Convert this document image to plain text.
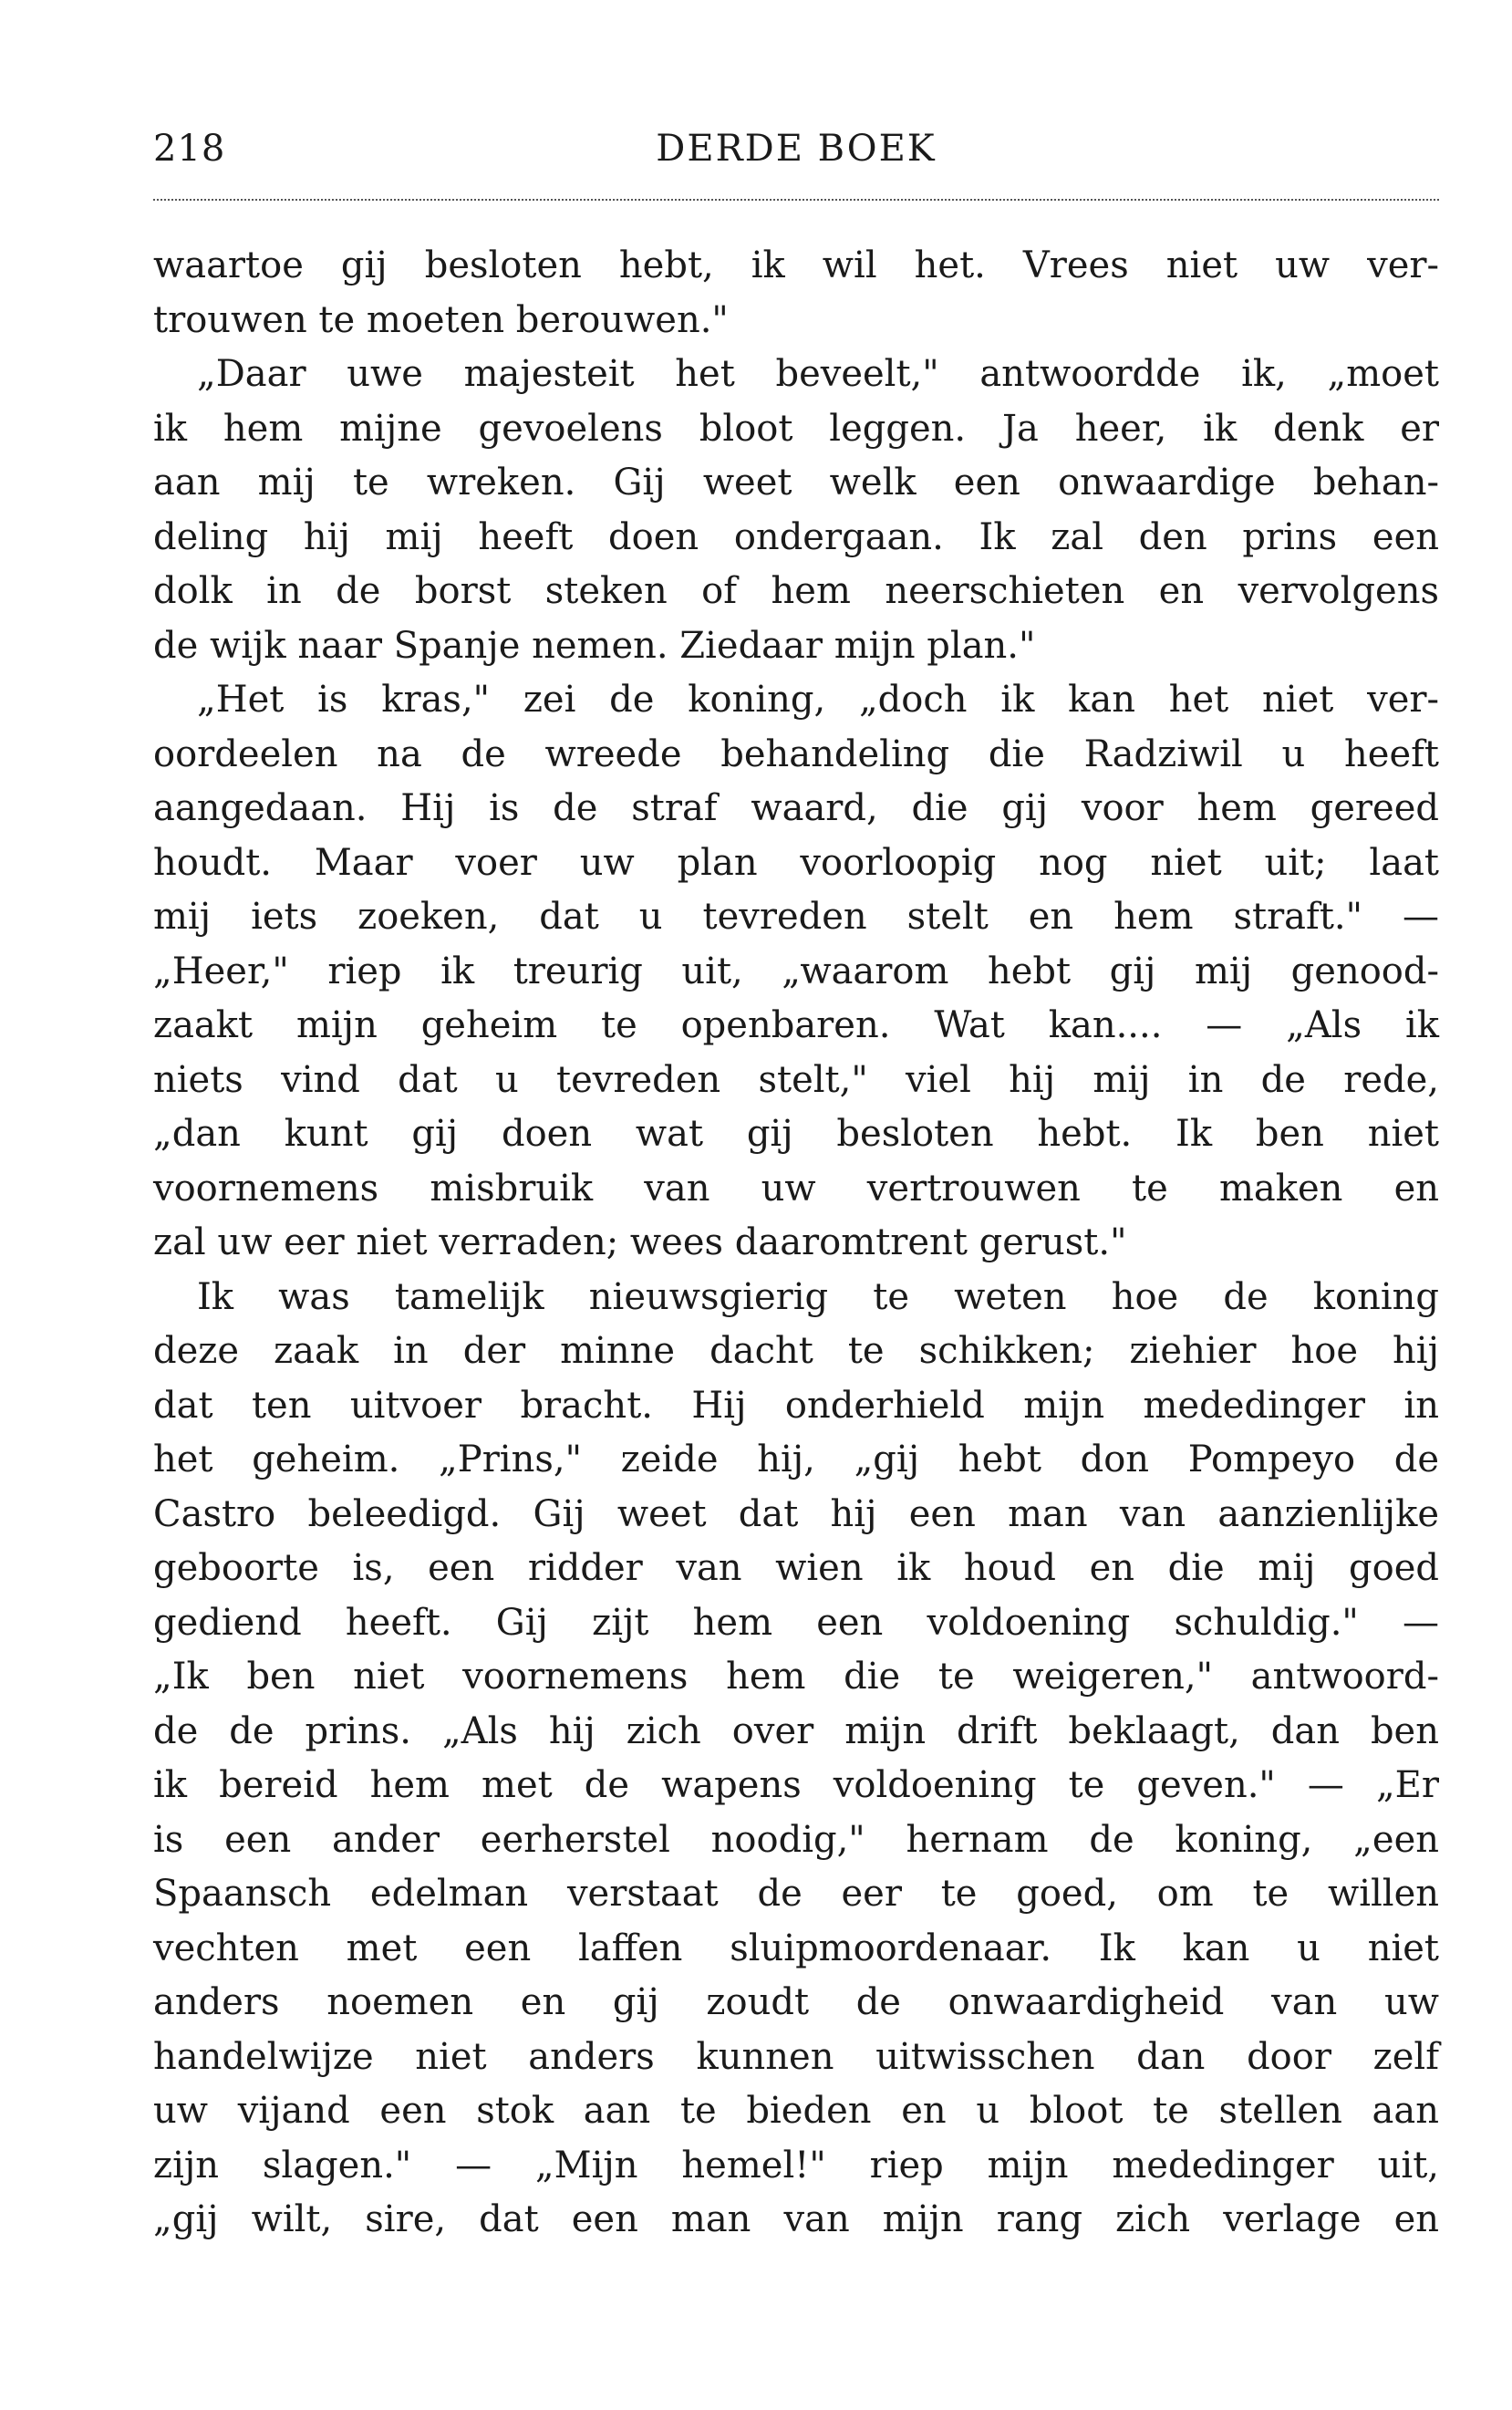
218	DERDE BOEK
waartoe gij besloten hebt, ik wil het. Vrees niet uw ver-
trouwen te moeten berouwen."
„Daar uwe majesteit het beveelt," antwoordde ik, „moet
ik hem mijne gevoelens bloot leggen. Ja heer, ik denk er
aan mij te wreken. Gij weet welk een onwaardige behan-
deling hij mij heeft doen ondergaan. Ik zal den prins een
dolk in de borst steken of hem neerschieten en vervolgens
de wijk naar Spanje nemen. Ziedaar mijn plan."
„Het is kras," zei de koning, „doch ik kan het niet ver-
oordeelen na de wreede behandeling die Radziwil u heeft
aangedaan. Hij is de straf waard, die gij voor hem gereed
houdt. Maar voer uw plan voorloopig nog niet uit; laat
mij iets zoeken, dat u tevreden stelt en hem straft." —
„Heer," riep ik treurig uit, „waarom hebt gij mij genood-
zaakt mijn geheim te openbaren. Wat kan.... — „Als ik
niets vind dat u tevreden stelt," viel hij mij in de rede,
„dan kunt gij doen wat gij besloten hebt. Ik ben niet
voornemens misbruik van uw vertrouwen te maken en
zal uw eer niet verraden; wees daaromtrent gerust."
Ik was tamelijk nieuwsgierig te weten hoe de koning
deze zaak in der minne dacht te schikken; ziehier hoe hij
dat ten uitvoer bracht. Hij onderhield mijn mededinger in
het geheim. „Prins," zeide hij, „gij hebt don Pompeyo de
Castro beleedigd. Gij weet dat hij een man van aanzienlijke
geboorte is, een ridder van wien ik houd en die mij goed
gediend heeft. Gij zijt hem een voldoening schuldig." —
„Ik ben niet voornemens hem die te weigeren," antwoord-
de de prins. „Als hij zich over mijn drift beklaagt, dan ben
ik bereid hem met de wapens voldoening te geven." — „Er
is een ander eerherstel noodig," hernam de koning, „een
Spaansch edelman verstaat de eer te goed, om te willen
vechten met een laffen sluipmoordenaar. Ik kan u niet
anders noemen en gij zoudt de onwaardigheid van uw
handelwijze niet anders kunnen uitwisschen dan door zelf
uw vijand een stok aan te bieden en u bloot te stellen aan
zijn slagen." — „Mijn hemel!" riep mijn mededinger uit,
„gij wilt, sire, dat een man van mijn rang zich verlage en
